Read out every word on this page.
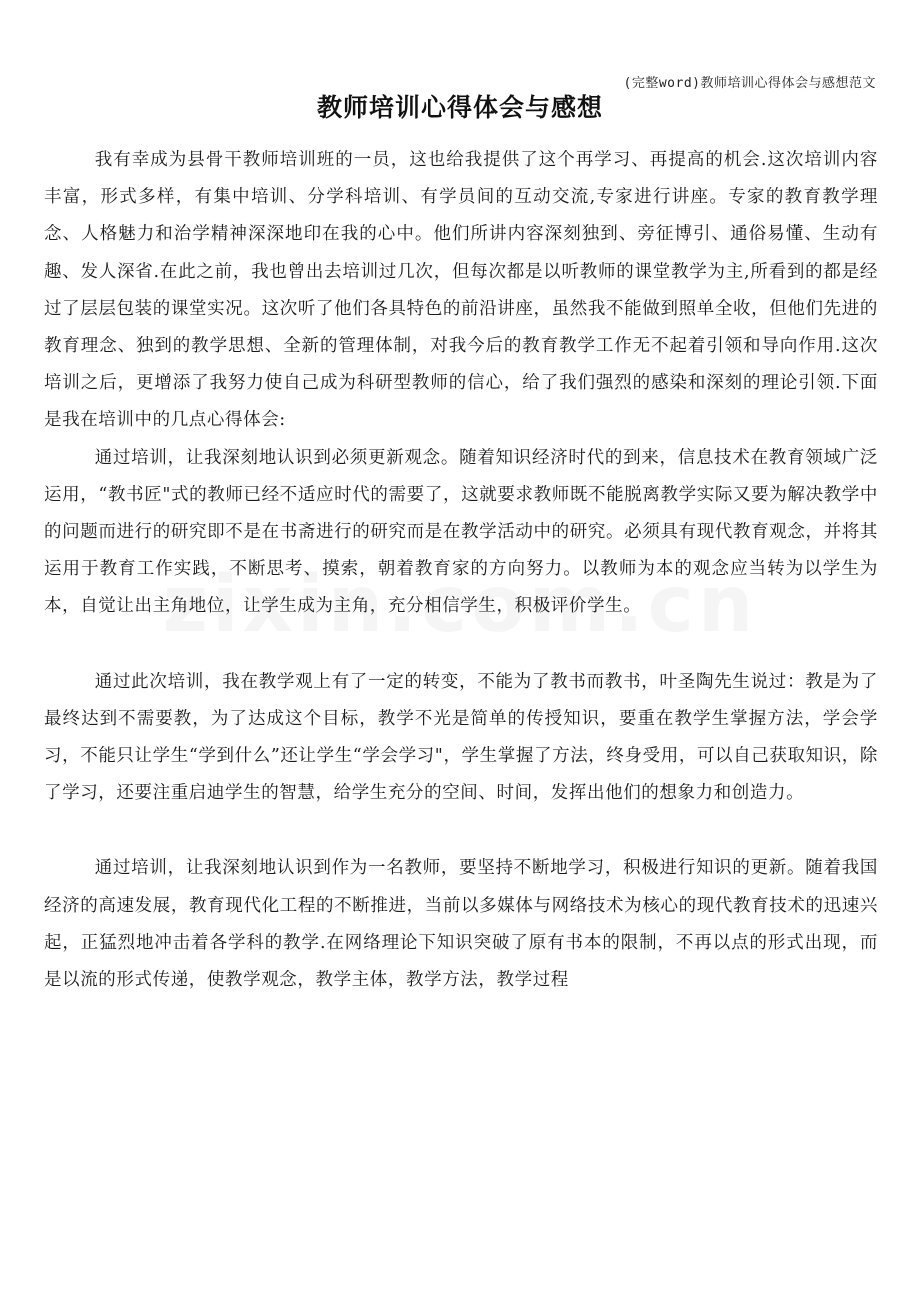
(完整word)教师培训心得体会与感想范文
教师培训心得体会与感想

我有幸成为县骨干教师培训班的一员，这也给我提供了这个再学习、再提高的机会.这次培训内容丰富，形式多样，有集中培训、分学科培训、有学员间的互动交流,专家进行讲座。专家的教育教学理念、人格魅力和治学精神深深地印在我的心中。他们所讲内容深刻独到、旁征博引、通俗易懂、生动有趣、发人深省.在此之前，我也曾出去培训过几次，但每次都是以听教师的课堂教学为主,所看到的都是经过了层层包装的课堂实况。这次听了他们各具特色的前沿讲座，虽然我不能做到照单全收，但他们先进的教育理念、独到的教学思想、全新的管理体制，对我今后的教育教学工作无不起着引领和导向作用.这次培训之后，更增添了我努力使自己成为科研型教师的信心，给了我们强烈的感染和深刻的理论引领.下面是我在培训中的几点心得体会:

通过培训，让我深刻地认识到必须更新观念。随着知识经济时代的到来，信息技术在教育领域广泛运用，“教书匠"式的教师已经不适应时代的需要了，这就要求教师既不能脱离教学实际又要为解决教学中的问题而进行的研究即不是在书斋进行的研究而是在教学活动中的研究。必须具有现代教育观念，并将其运用于教育工作实践，不断思考、摸索，朝着教育家的方向努力。以教师为本的观念应当转为以学生为本，自觉让出主角地位，让学生成为主角，充分相信学生，积极评价学生。

通过此次培训，我在教学观上有了一定的转变，不能为了教书而教书，叶圣陶先生说过：教是为了最终达到不需要教，为了达成这个目标，教学不光是简单的传授知识，要重在教学生掌握方法，学会学习，不能只让学生“学到什么”还让学生“学会学习"，学生掌握了方法，终身受用，可以自己获取知识，除了学习，还要注重启迪学生的智慧，给学生充分的空间、时间，发挥出他们的想象力和创造力。

通过培训，让我深刻地认识到作为一名教师，要坚持不断地学习，积极进行知识的更新。随着我国经济的高速发展，教育现代化工程的不断推进，当前以多媒体与网络技术为核心的现代教育技术的迅速兴起，正猛烈地冲击着各学科的教学.在网络理论下知识突破了原有书本的限制，不再以点的形式出现，而是以流的形式传递，使教学观念，教学主体，教学方法，教学过程
